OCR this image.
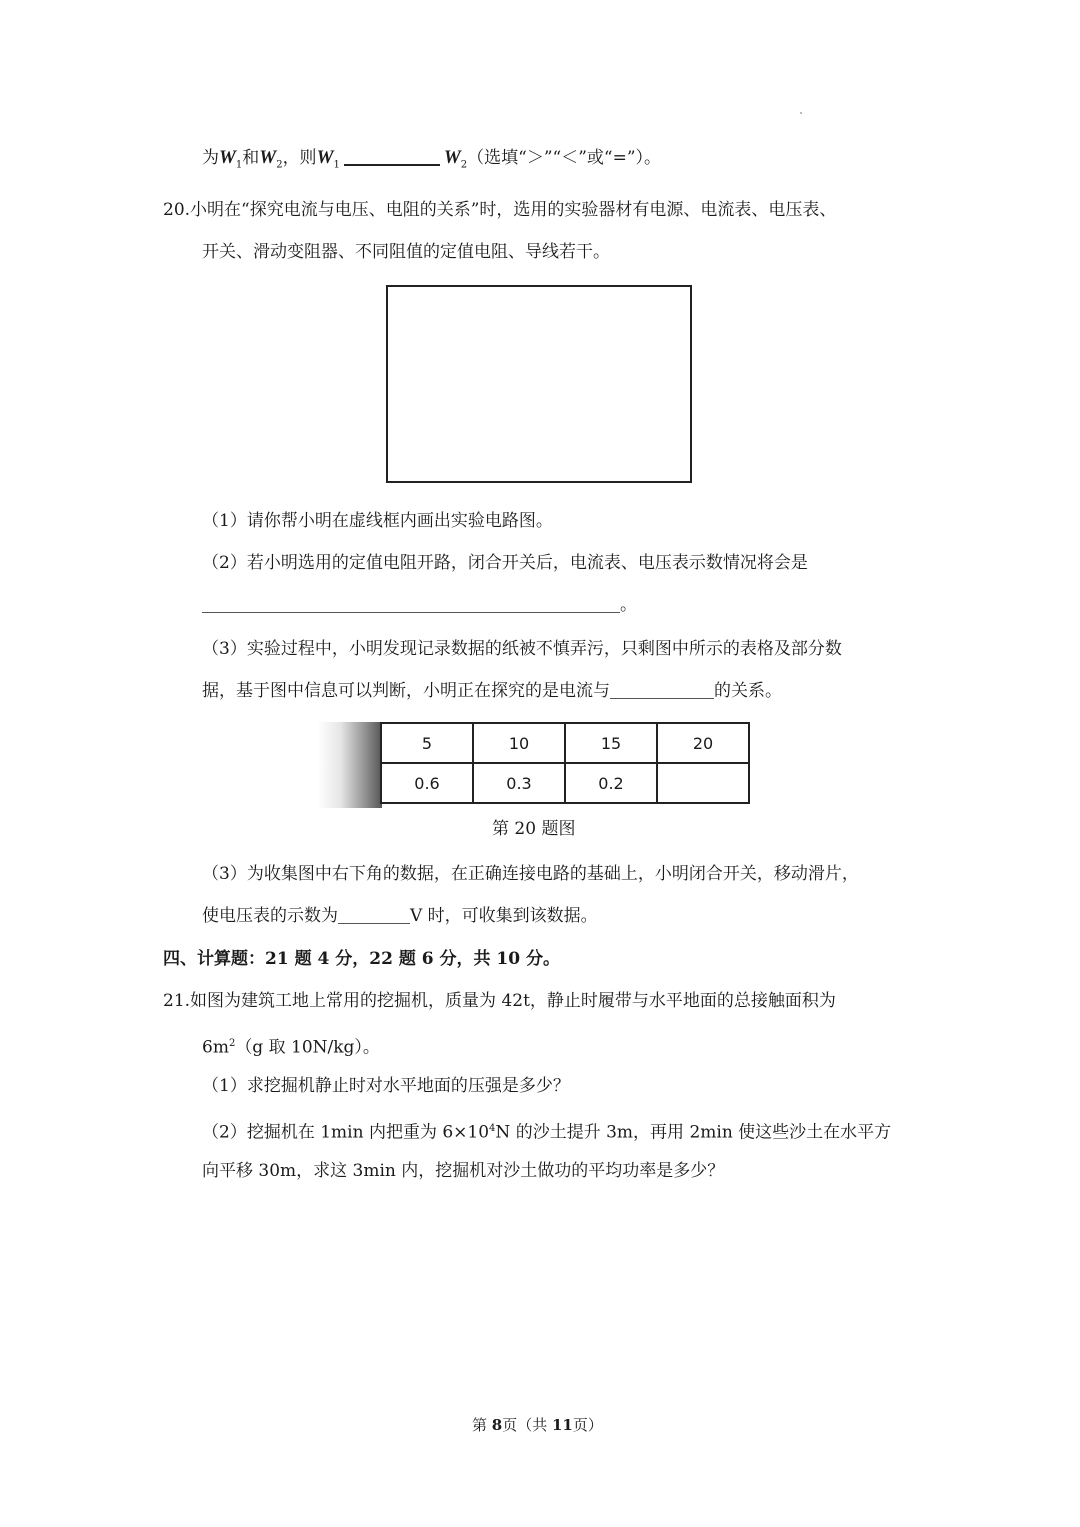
为$W_1$和$W_2$，则$W_1$	$W_2$（选填“＞”“＜”或“=”）。
20.小明在“探究电流与电压、电阻的关系”时，选用的实验器材有电源、电流表、电压表、
开关、滑动变阻器、不同阻值的定值电阻、导线若干。
（1）请你帮小明在虚线框内画出实验电路图。
（2）若小明选用的定值电阻开路，闭合开关后，电流表、电压表示数情况将会是
。
（3）实验过程中，小明发现记录数据的纸被不慎弄污，只剩图中所示的表格及部分数
据，基于图中信息可以判断，小明正在探究的是电流与	的关系。
5	10	15	20
0.6	0.3	0.2	
第 20 题图
（3）为收集图中右下角的数据，在正确连接电路的基础上，小明闭合开关，移动滑片，
使电压表的示数为	V 时，可收集到该数据。
四、计算题：21 题 4 分，22 题 6 分，共 10 分。
21.如图为建筑工地上常用的挖掘机，质量为 42t，静止时履带与水平地面的总接触面积为
$6m^2(g$ 取 10N/kg）。
（1）求挖掘机静止时对水平地面的压强是多少？
（2）挖掘机在 1min 内把重为 $6\times 10^4N$ 的沙土提升 3m，再用 2min 使这些沙土在水平方
向平移 30m，求这 3min 内，挖掘机对沙土做功的平均功率是多少？
第 8页（共 11页）
